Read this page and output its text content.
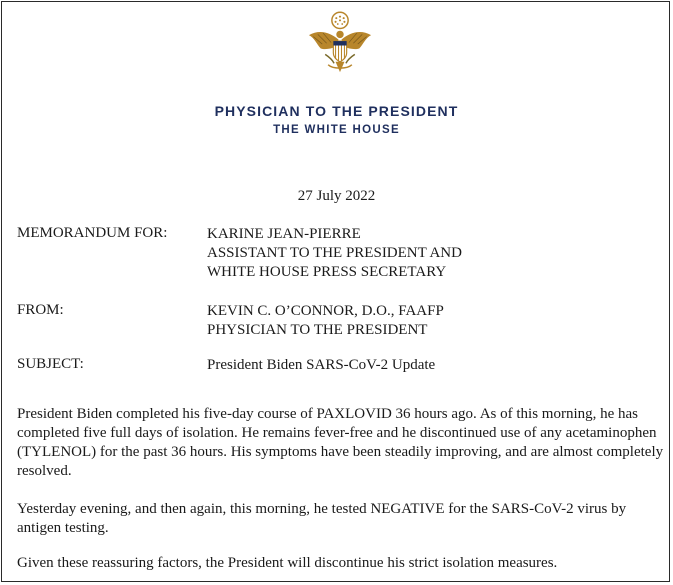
PHYSICIAN TO THE PRESIDENT
THE WHITE HOUSE
27 July 2022
MEMORANDUM FOR:	KARINE JEAN-PIERRE
ASSISTANT TO THE PRESIDENT AND
WHITE HOUSE PRESS SECRETARY
FROM:	KEVIN C. O’CONNOR, D.O., FAAFP
PHYSICIAN TO THE PRESIDENT
SUBJECT:	President Biden SARS-CoV-2 Update

President Biden completed his five-day course of PAXLOVID 36 hours ago. As of this morning, he has completed five full days of isolation. He remains fever-free and he discontinued use of any acetaminophen (TYLENOL) for the past 36 hours. His symptoms have been steadily improving, and are almost completely resolved.

Yesterday evening, and then again, this morning, he tested NEGATIVE for the SARS-CoV-2 virus by antigen testing.

Given these reassuring factors, the President will discontinue his strict isolation measures.
